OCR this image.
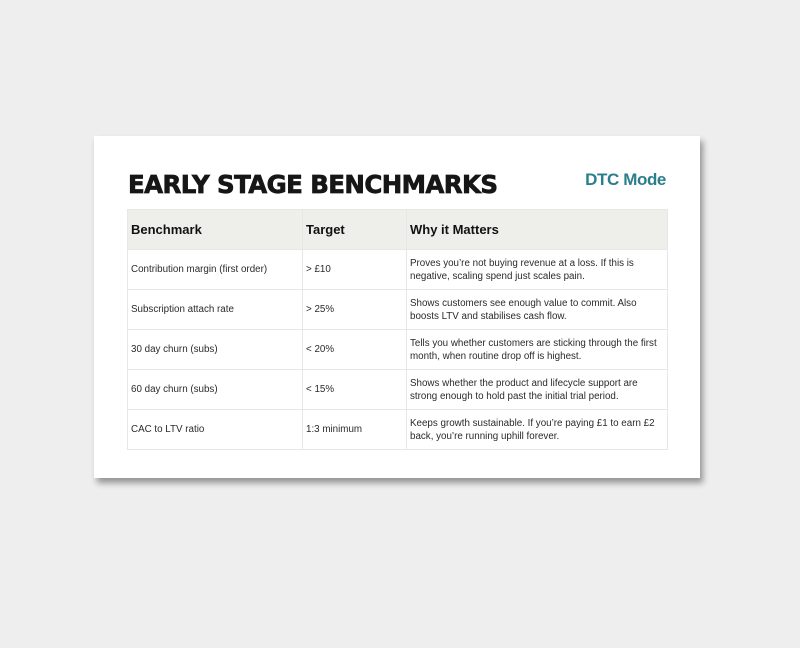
EARLY STAGE BENCHMARKS	DTC Mode
Benchmark	Target	Why it Matters
Contribution margin (first order)	> £10	Proves you’re not buying revenue at a loss. If this is negative, scaling spend just scales pain.
Subscription attach rate	> 25%	Shows customers see enough value to commit. Also boosts LTV and stabilises cash flow.
30 day churn (subs)	< 20%	Tells you whether customers are sticking through the first month, when routine drop off is highest.
60 day churn (subs)	< 15%	Shows whether the product and lifecycle support are strong enough to hold past the initial trial period.
CAC to LTV ratio	1:3 minimum	Keeps growth sustainable. If you’re paying £1 to earn £2 back, you’re running uphill forever.
